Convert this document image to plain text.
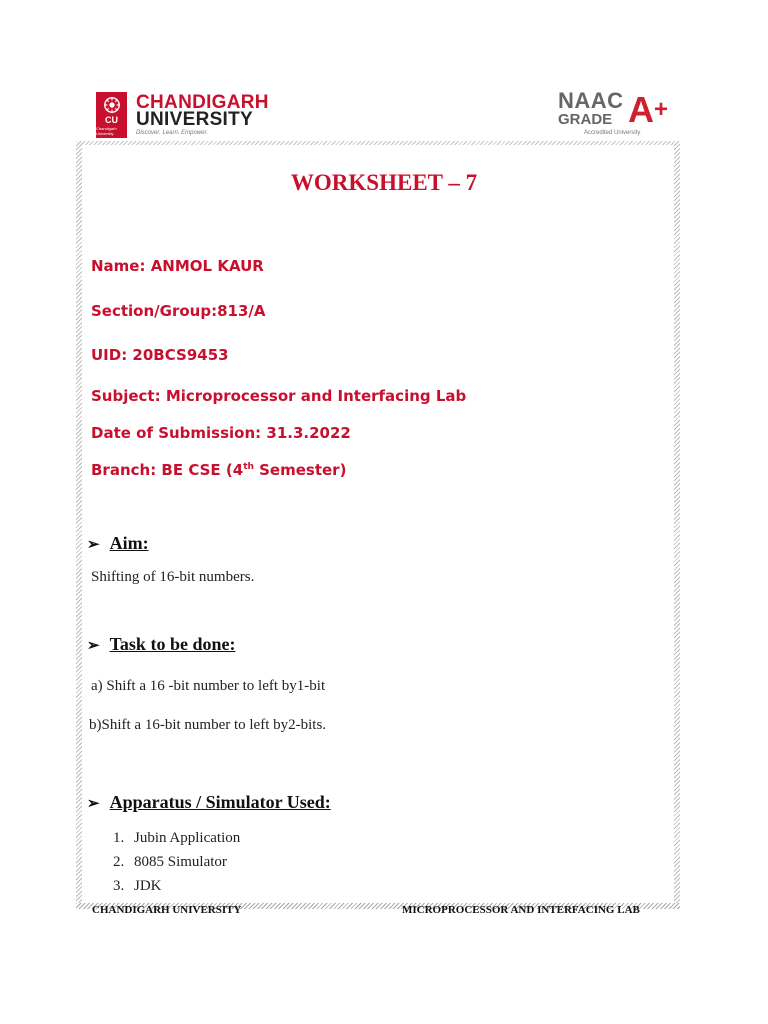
CU
Chandigarh University
CHANDIGARH
UNIVERSITY
Discover. Learn. Empower.
NAAC
GRADE A +
Accredited University
WORKSHEET – 7
Name: ANMOL KAUR
Section/Group:813/A
UID: 20BCS9453
Subject: Microprocessor and Interfacing Lab
Date of Submission: 31.3.2022
Branch: BE CSE (4th Semester)
➢ Aim:
Shifting of 16-bit numbers.
➢ Task to be done:
a) Shift a 16 -bit number to left by1-bit
b)Shift a 16-bit number to left by2-bits.
➢ Apparatus / Simulator Used:
1. Jubin Application
2. 8085 Simulator
3. JDK
CHANDIGARH UNIVERSITY	MICROPROCESSOR AND INTERFACING LAB
